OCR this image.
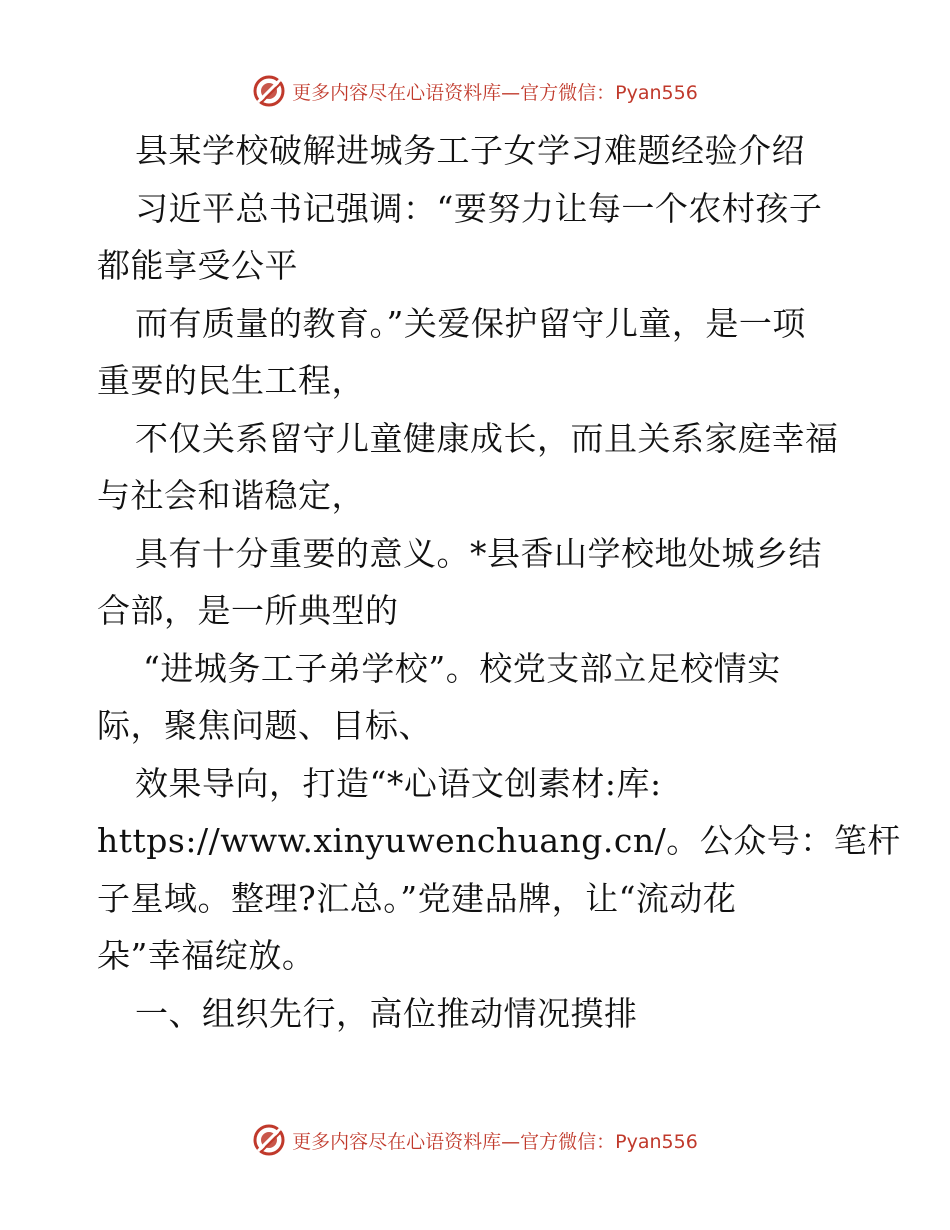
更多内容尽在心语资料库—官方微信：Pyan556
县某学校破解进城务工子女学习难题经验介绍
习近平总书记强调：“要努力让每一个农村孩子
都能享受公平
而有质量的教育。”关爱保护留守儿童，是一项
重要的民生工程，
不仅关系留守儿童健康成长，而且关系家庭幸福
与社会和谐稳定，
具有十分重要的意义。*县香山学校地处城乡结
合部，是一所典型的
“进城务工子弟学校”。校党支部立足校情实
际，聚焦问题、目标、
效果导向，打造“*心语文创素材:库:
https://www.xinyuwenchuang.cn/。公众号：笔杆
子星域。整理?汇总。”党建品牌，让“流动花
朵”幸福绽放。
一、组织先行，高位推动情况摸排
更多内容尽在心语资料库—官方微信：Pyan556
